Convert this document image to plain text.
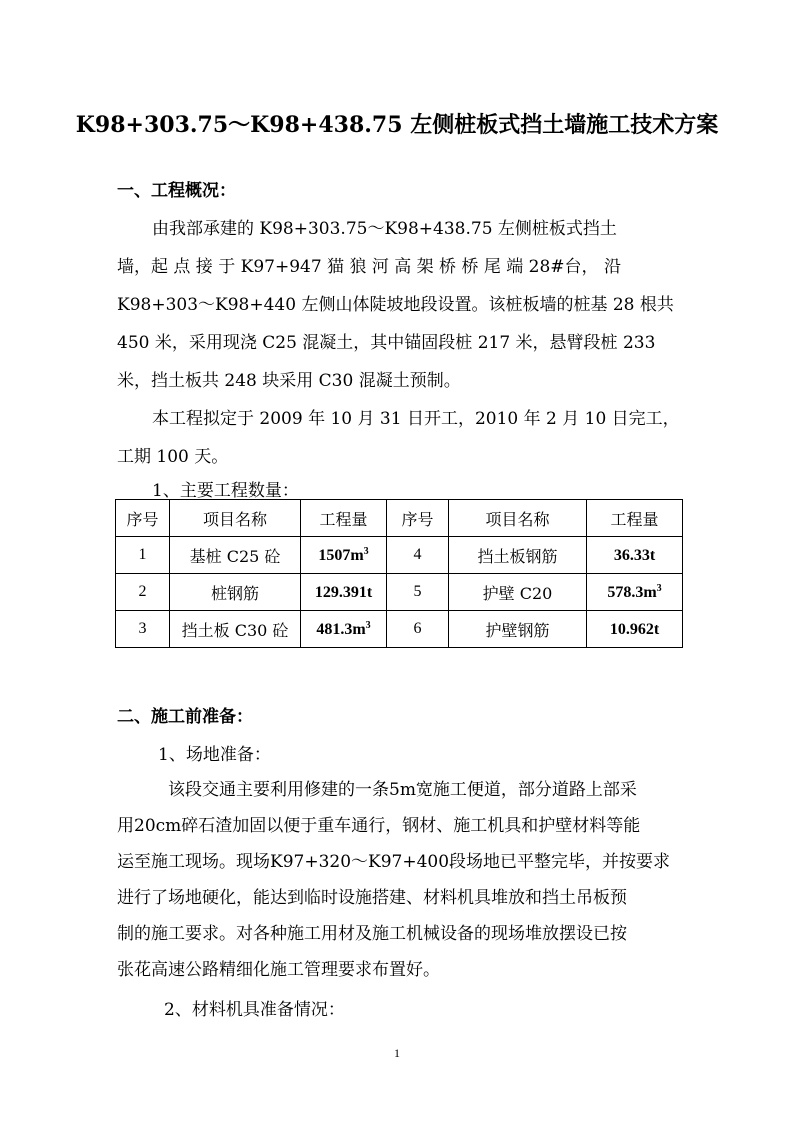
K98+303.75～K98+438.75 左侧桩板式挡土墙施工技术方案
一、工程概况：
由我部承建的 K98+303.75～K98+438.75 左侧桩板式挡土
墙，起 点 接 于 K97+947 猫 狼 河 高 架 桥 桥 尾 端 28#台， 沿
K98+303～K98+440 左侧山体陡坡地段设置。该桩板墙的桩基 28 根共
450 米，采用现浇 C25 混凝土，其中锚固段桩 217 米，悬臂段桩 233
米，挡土板共 248 块采用 C30 混凝土预制。
本工程拟定于 2009 年 10 月 31 日开工，2010 年 2 月 10 日完工，
工期 100 天。
1、主要工程数量：
序号	项目名称	工程量	序号	项目名称	工程量
1	基桩 C25 砼	$1507m^3$	4	挡土板钢筋	36.33t
2	桩钢筋	129.391t	5	护壁 C20	$578.3m^3$
3	挡土板 C30 砼	$481.3m^3$	6	护壁钢筋	10.962t
二、施工前准备：
1、场地准备：
该段交通主要利用修建的一条5m宽施工便道，部分道路上部采
用20cm碎石渣加固以便于重车通行，钢材、施工机具和护壁材料等能
运至施工现场。现场K97+320～K97+400段场地已平整完毕，并按要求
进行了场地硬化，能达到临时设施搭建、材料机具堆放和挡土吊板预
制的施工要求。对各种施工用材及施工机械设备的现场堆放摆设已按
张花高速公路精细化施工管理要求布置好。
2、材料机具准备情况：
1
